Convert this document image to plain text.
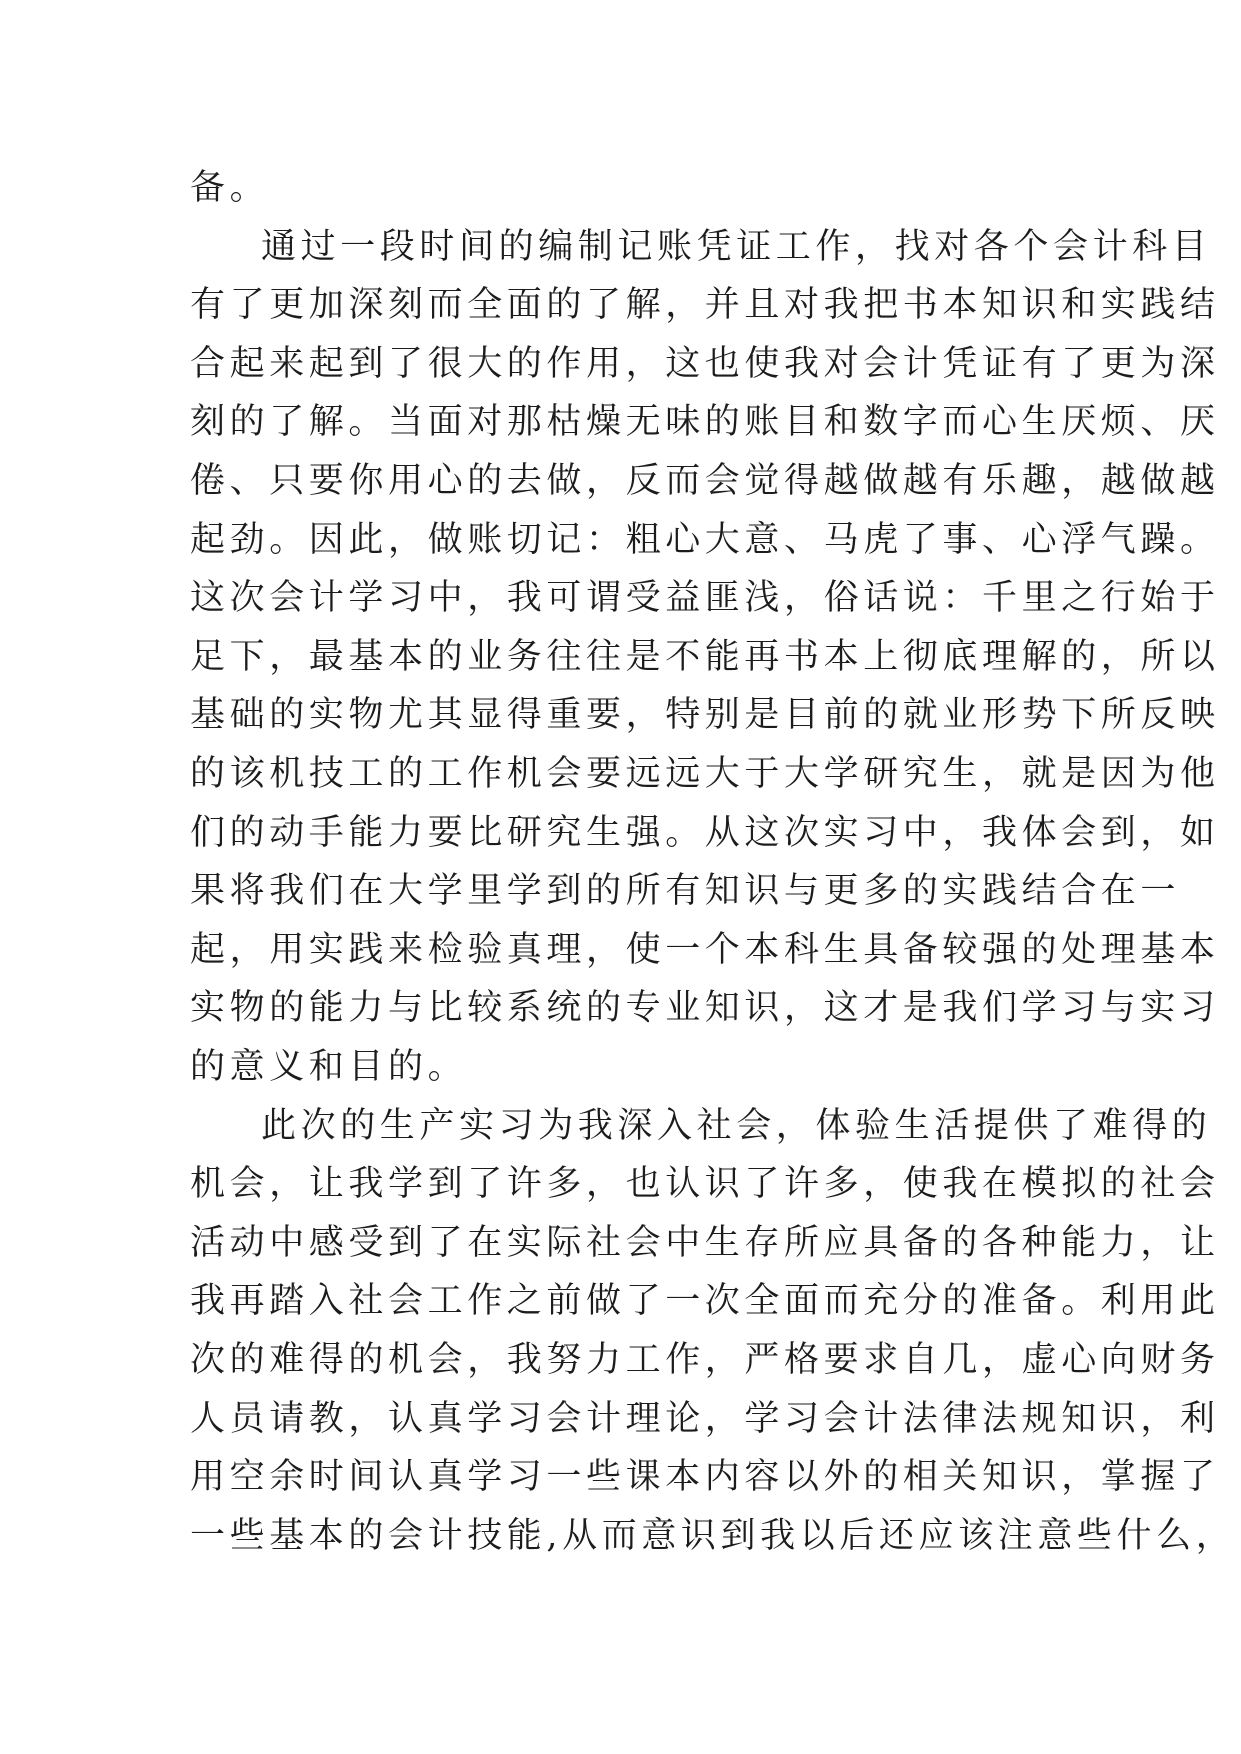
备。
通过一段时间的编制记账凭证工作，找对各个会计科目
有了更加深刻而全面的了解，并且对我把书本知识和实践结
合起来起到了很大的作用，这也使我对会计凭证有了更为深
刻的了解。当面对那枯燥无味的账目和数字而心生厌烦、厌
倦、只要你用心的去做，反而会觉得越做越有乐趣，越做越
起劲。因此，做账切记：粗心大意、马虎了事、心浮气躁。
这次会计学习中，我可谓受益匪浅，俗话说：千里之行始于
足下，最基本的业务往往是不能再书本上彻底理解的，所以
基础的实物尤其显得重要，特别是目前的就业形势下所反映
的该机技工的工作机会要远远大于大学研究生，就是因为他
们的动手能力要比研究生强。从这次实习中，我体会到，如
果将我们在大学里学到的所有知识与更多的实践结合在一
起，用实践来检验真理，使一个本科生具备较强的处理基本
实物的能力与比较系统的专业知识，这才是我们学习与实习
的意义和目的。
此次的生产实习为我深入社会，体验生活提供了难得的
机会，让我学到了许多，也认识了许多，使我在模拟的社会
活动中感受到了在实际社会中生存所应具备的各种能力，让
我再踏入社会工作之前做了一次全面而充分的准备。利用此
次的难得的机会，我努力工作，严格要求自几，虚心向财务
人员请教，认真学习会计理论，学习会计法律法规知识，利
用空余时间认真学习一些课本内容以外的相关知识，掌握了
一些基本的会计技能,从而意识到我以后还应该注意些什么，
